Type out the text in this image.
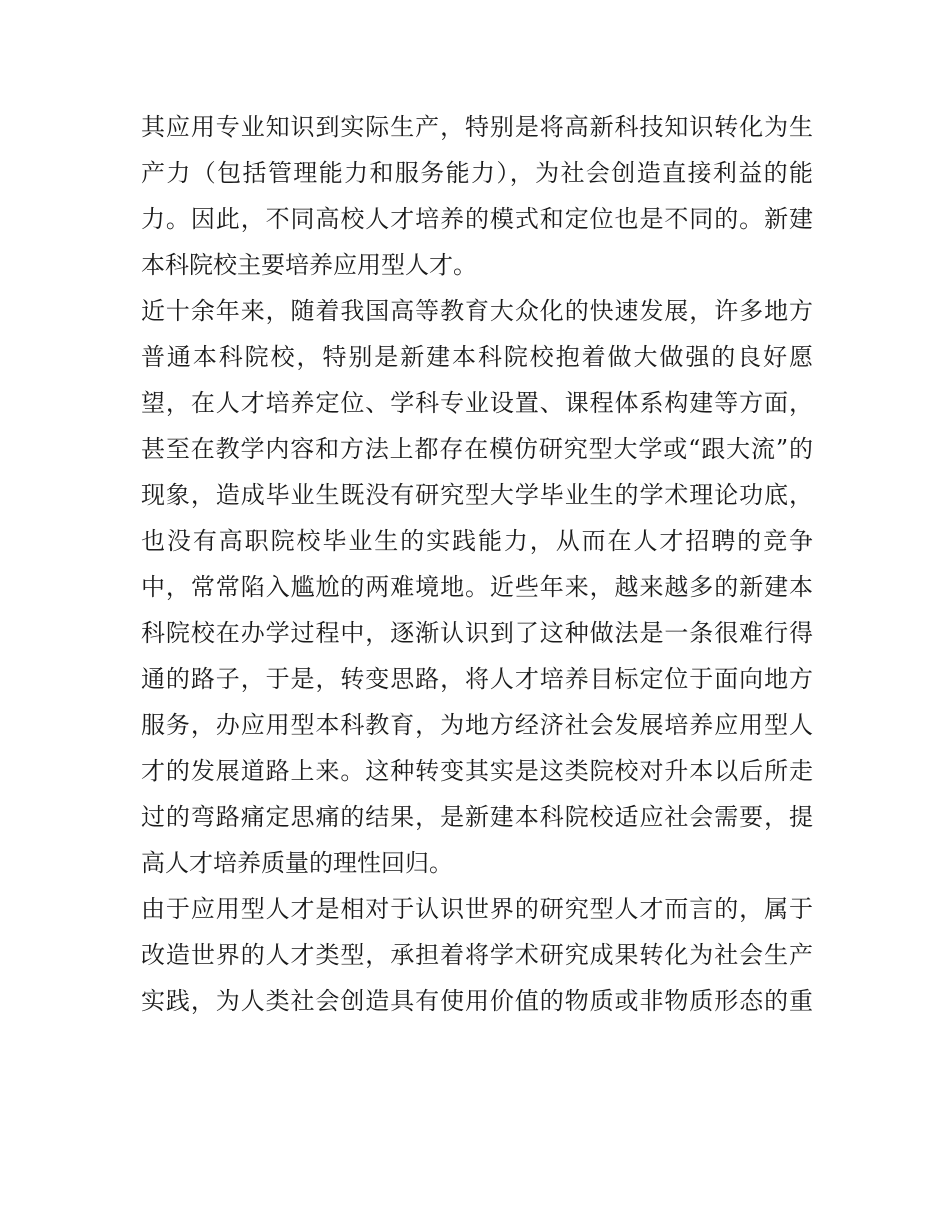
其应用专业知识到实际生产，特别是将高新科技知识转化为生
产力（包括管理能力和服务能力），为社会创造直接利益的能
力。因此，不同高校人才培养的模式和定位也是不同的。新建
本科院校主要培养应用型人才。
近十余年来，随着我国高等教育大众化的快速发展，许多地方
普通本科院校，特别是新建本科院校抱着做大做强的良好愿
望，在人才培养定位、学科专业设置、课程体系构建等方面，
甚至在教学内容和方法上都存在模仿研究型大学或“跟大流”的
现象，造成毕业生既没有研究型大学毕业生的学术理论功底，
也没有高职院校毕业生的实践能力，从而在人才招聘的竞争
中，常常陷入尴尬的两难境地。近些年来，越来越多的新建本
科院校在办学过程中，逐渐认识到了这种做法是一条很难行得
通的路子，于是，转变思路，将人才培养目标定位于面向地方
服务，办应用型本科教育，为地方经济社会发展培养应用型人
才的发展道路上来。这种转变其实是这类院校对升本以后所走
过的弯路痛定思痛的结果，是新建本科院校适应社会需要，提
高人才培养质量的理性回归。
由于应用型人才是相对于认识世界的研究型人才而言的，属于
改造世界的人才类型，承担着将学术研究成果转化为社会生产
实践，为人类社会创造具有使用价值的物质或非物质形态的重
